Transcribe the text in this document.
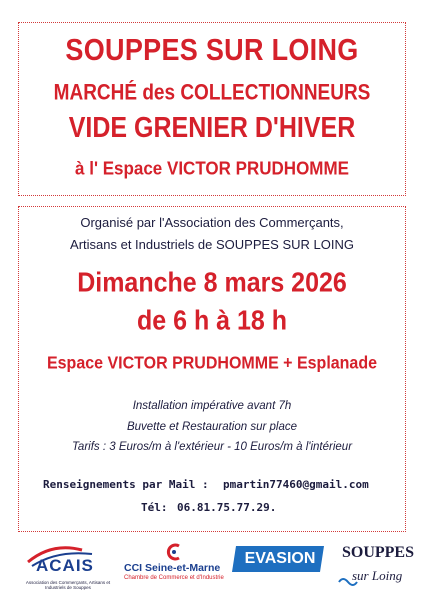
SOUPPES SUR LOING
MARCHÉ des COLLECTIONNEURS
VIDE GRENIER D'HIVER
à l' Espace VICTOR PRUDHOMME
Organisé par l'Association des Commerçants,
Artisans et Industriels de SOUPPES SUR LOING
Dimanche 8 mars 2026
de 6 h à 18 h
Espace VICTOR PRUDHOMME + Esplanade
Installation impérative avant 7h
Buvette et Restauration sur place
Tarifs : 3 Euros/m à l'extérieur - 10 Euros/m à l'intérieur
Renseignements par Mail : pmartin77460@gmail.com
Tél: 06.81.75.77.29.
ACAIS
Association des Commerçants, Artisans et Industriels de Souppes
CCI Seine-et-Marne
Chambre de Commerce et d'Industrie
EVASION	SOUPPES
sur Loing
